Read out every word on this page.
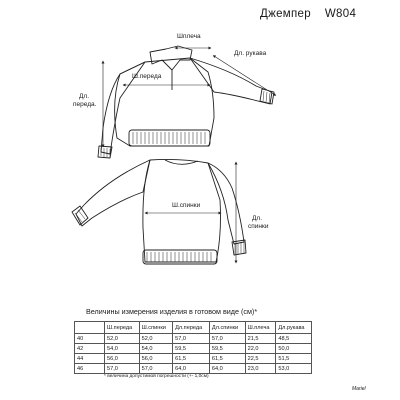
Джемпер W804
Шплеча
Дл. рукава
Ш.переда
Дл.
переда.
Ш.спинки
Дл.
спинки
Величины измерения изделия в готовом виде (см)*
	Ш.переда	Ш.спинки	Дл.переда	Дл.спинки	Ш.плеча	Дл.рукава
40	52,0	52,0	57,0	57,0	21,5	48,5
42	54,0	54,0	59,5	59,5	22,0	50,0
44	56,0	56,0	61,5	61,5	22,5	51,5
46	57,0	57,0	64,0	64,0	23,0	53,0
* величина допустимой погрешности (+- 1,0см)
Mariel
